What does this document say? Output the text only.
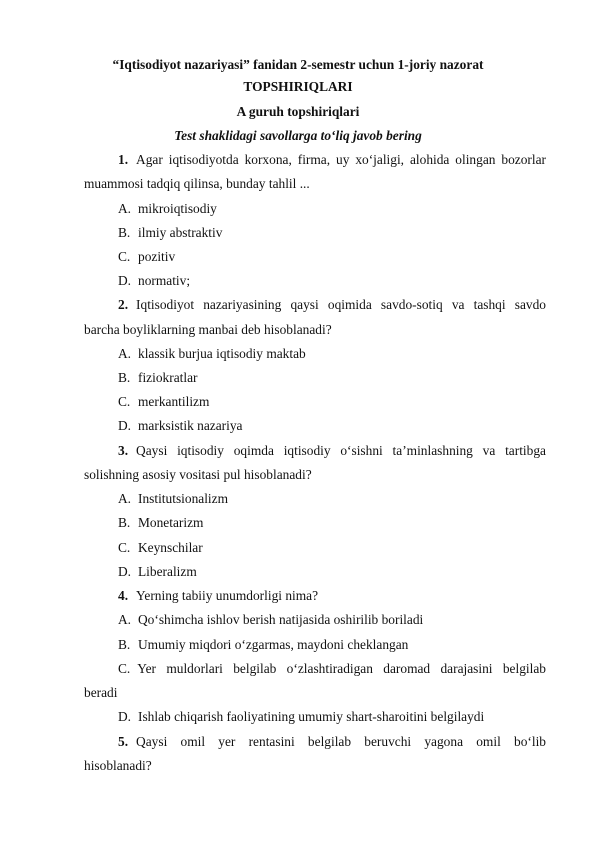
“Iqtisodiyot nazariyasi” fanidan 2-semestr uchun 1-joriy nazorat
TOPSHIRIQLARI
A guruh topshiriqlari
Test shaklidagi savollarga to‘liq javob bering
1. Agar iqtisodiyotda korxona, firma, uy xo‘jaligi, alohida olingan bozorlar
muammosi tadqiq qilinsa, bunday tahlil ...
A. mikroiqtisodiy
B. ilmiy abstraktiv
C. pozitiv
D. normativ;
2. Iqtisodiyot nazariyasining qaysi oqimida savdo-sotiq va tashqi savdo
barcha boyliklarning manbai deb hisoblanadi?
A. klassik burjua iqtisodiy maktab
B. fiziokratlar
C. merkantilizm
D. marksistik nazariya
3. Qaysi iqtisodiy oqimda iqtisodiy o‘sishni ta’minlashning va tartibga
solishning asosiy vositasi pul hisoblanadi?
A. Institutsionalizm
B. Monetarizm
C. Keynschilar
D. Liberalizm
4. Yerning tabiiy unumdorligi nima?
A. Qo‘shimcha ishlov berish natijasida oshirilib boriladi
B. Umumiy miqdori o‘zgarmas, maydoni cheklangan
C. Yer muldorlari belgilab o‘zlashtiradigan daromad darajasini belgilab
beradi
D. Ishlab chiqarish faoliyatining umumiy shart-sharoitini belgilaydi
5. Qaysi omil yer rentasini belgilab beruvchi yagona omil bo‘lib
hisoblanadi?
